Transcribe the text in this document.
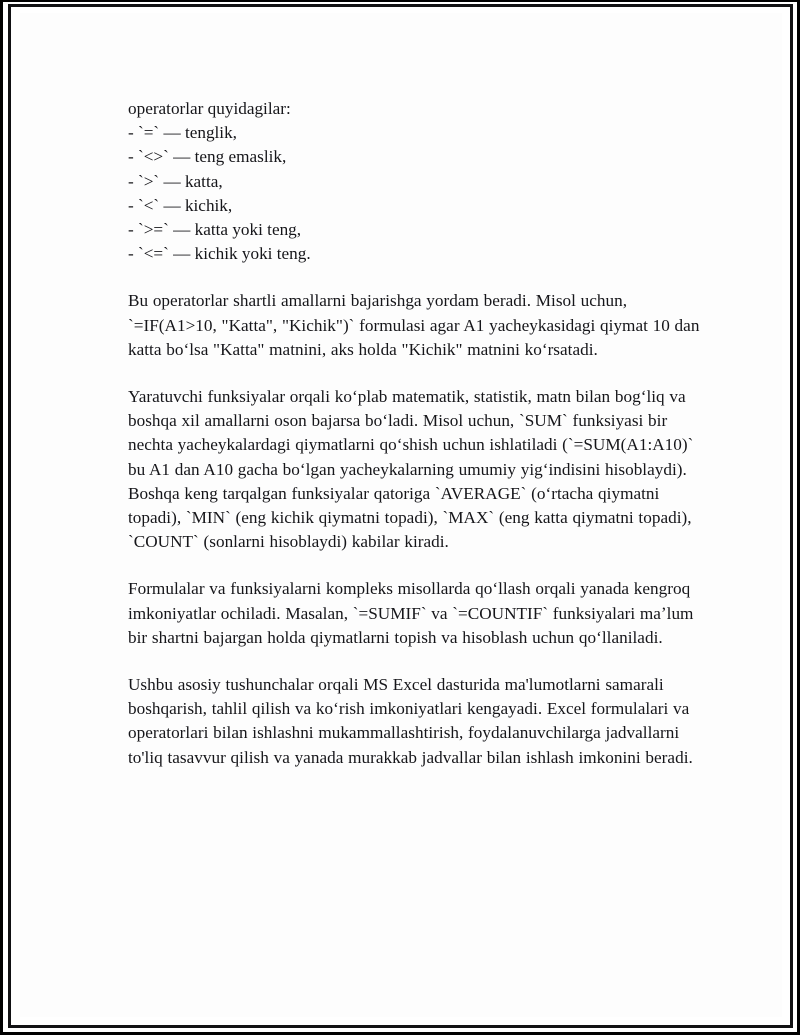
operatorlar quyidagilar:
- `=` — tenglik,
- `<>` — teng emaslik,
- `>` — katta,
- `<` — kichik,
- `>=` — katta yoki teng,
- `<=` — kichik yoki teng.

Bu operatorlar shartli amallarni bajarishga yordam beradi. Misol uchun, `=IF(A1>10, "Katta", "Kichik")` formulasi agar A1 yacheykasidagi qiymat 10 dan katta boʻlsa "Katta" matnini, aks holda "Kichik" matnini koʻrsatadi.

Yaratuvchi funksiyalar orqali koʻplab matematik, statistik, matn bilan bogʻliq va boshqa xil amallarni oson bajarsa boʻladi. Misol uchun, `SUM` funksiyasi bir nechta yacheykalardagi qiymatlarni qoʻshish uchun ishlatiladi (`=SUM(A1:A10)` bu A1 dan A10 gacha boʻlgan yacheykalarning umumiy yigʻindisini hisoblaydi). Boshqa keng tarqalgan funksiyalar qatoriga `AVERAGE` (oʻrtacha qiymatni topadi), `MIN` (eng kichik qiymatni topadi), `MAX` (eng katta qiymatni topadi), `COUNT` (sonlarni hisoblaydi) kabilar kiradi.

Formulalar va funksiyalarni kompleks misollarda qoʻllash orqali yanada kengroq imkoniyatlar ochiladi. Masalan, `=SUMIF` va `=COUNTIF` funksiyalari maʼlum bir shartni bajargan holda qiymatlarni topish va hisoblash uchun qoʻllaniladi.

Ushbu asosiy tushunchalar orqali MS Excel dasturida ma'lumotlarni samarali boshqarish, tahlil qilish va koʻrish imkoniyatlari kengayadi. Excel formulalari va operatorlari bilan ishlashni mukammallashtirish, foydalanuvchilarga jadvallarni to'liq tasavvur qilish va yanada murakkab jadvallar bilan ishlash imkonini beradi.
